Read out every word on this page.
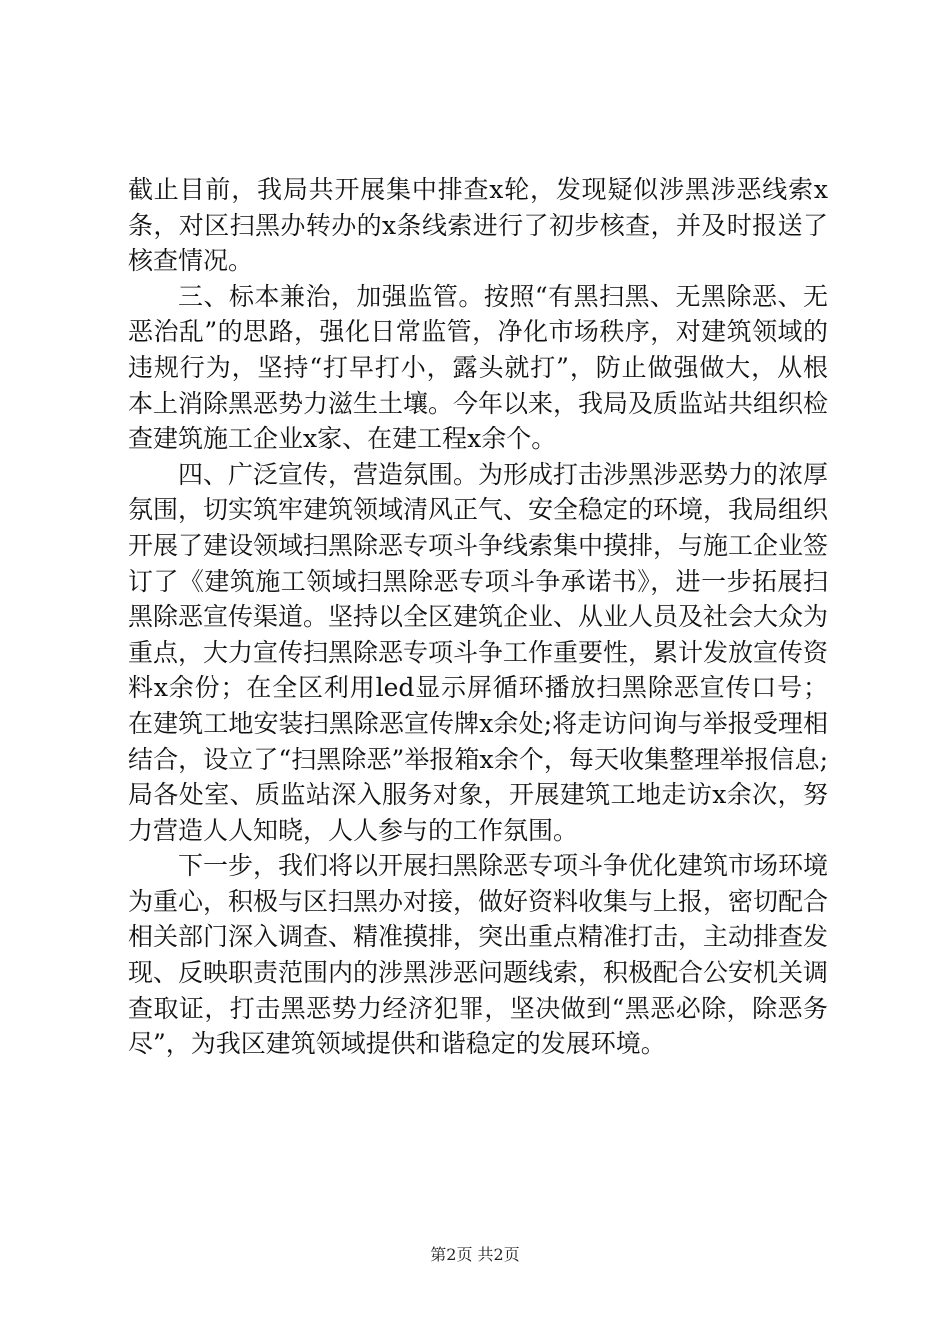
截止目前，我局共开展集中排查x轮，发现疑似涉黑涉恶线索x条，对区扫黑办转办的x条线索进行了初步核查，并及时报送了核查情况。

三、标本兼治，加强监管。按照“有黑扫黑、无黑除恶、无恶治乱”的思路，强化日常监管，净化市场秩序，对建筑领域的违规行为，坚持“打早打小，露头就打”，防止做强做大，从根本上消除黑恶势力滋生土壤。今年以来，我局及质监站共组织检查建筑施工企业x家、在建工程x余个。

四、广泛宣传，营造氛围。为形成打击涉黑涉恶势力的浓厚氛围，切实筑牢建筑领域清风正气、安全稳定的环境，我局组织开展了建设领域扫黑除恶专项斗争线索集中摸排，与施工企业签订了《建筑施工领域扫黑除恶专项斗争承诺书》，进一步拓展扫黑除恶宣传渠道。坚持以全区建筑企业、从业人员及社会大众为重点，大力宣传扫黑除恶专项斗争工作重要性，累计发放宣传资料x余份；在全区利用led显示屏循环播放扫黑除恶宣传口号；在建筑工地安装扫黑除恶宣传牌x余处;将走访问询与举报受理相结合，设立了“扫黑除恶”举报箱x余个，每天收集整理举报信息;局各处室、质监站深入服务对象，开展建筑工地走访x余次，努力营造人人知晓，人人参与的工作氛围。

下一步，我们将以开展扫黑除恶专项斗争优化建筑市场环境为重心，积极与区扫黑办对接，做好资料收集与上报，密切配合相关部门深入调查、精准摸排，突出重点精准打击，主动排查发现、反映职责范围内的涉黑涉恶问题线索，积极配合公安机关调查取证，打击黑恶势力经济犯罪，坚决做到“黑恶必除，除恶务尽”，为我区建筑领域提供和谐稳定的发展环境。

第2页 共2页
